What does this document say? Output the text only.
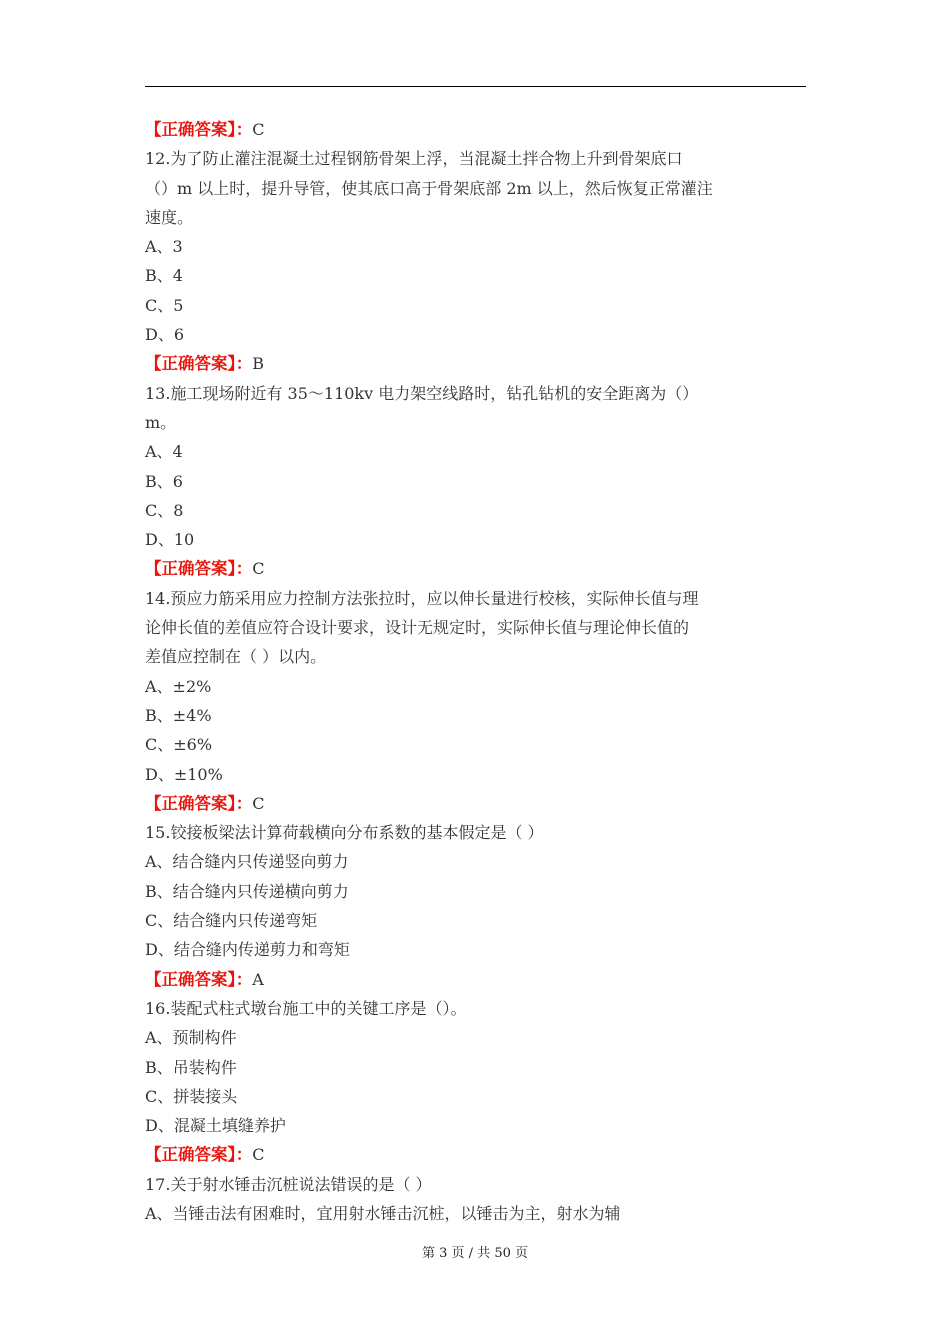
【正确答案】：C
12.为了防止灌注混凝土过程钢筋骨架上浮，当混凝土拌合物上升到骨架底口
（）m 以上时，提升导管，使其底口高于骨架底部 2m 以上，然后恢复正常灌注
速度。
A、3
B、4
C、5
D、6
【正确答案】：B
13.施工现场附近有 35～110kv 电力架空线路时，钻孔钻机的安全距离为（）
m。
A、4
B、6
C、8
D、10
【正确答案】：C
14.预应力筋采用应力控制方法张拉时，应以伸长量进行校核，实际伸长值与理
论伸长值的差值应符合设计要求，设计无规定时，实际伸长值与理论伸长值的
差值应控制在（ ）以内。
A、±2%
B、±4%
C、±6%
D、±10%
【正确答案】：C
15.铰接板梁法计算荷载横向分布系数的基本假定是（ ）
A、结合缝内只传递竖向剪力
B、结合缝内只传递横向剪力
C、结合缝内只传递弯矩
D、结合缝内传递剪力和弯矩
【正确答案】：A
16.装配式柱式墩台施工中的关键工序是（）。
A、预制构件
B、吊装构件
C、拼装接头
D、混凝土填缝养护
【正确答案】：C
17.关于射水锤击沉桩说法错误的是（ ）
A、当锤击法有困难时，宜用射水锤击沉桩，以锤击为主，射水为辅
第 3 页 / 共 50 页
